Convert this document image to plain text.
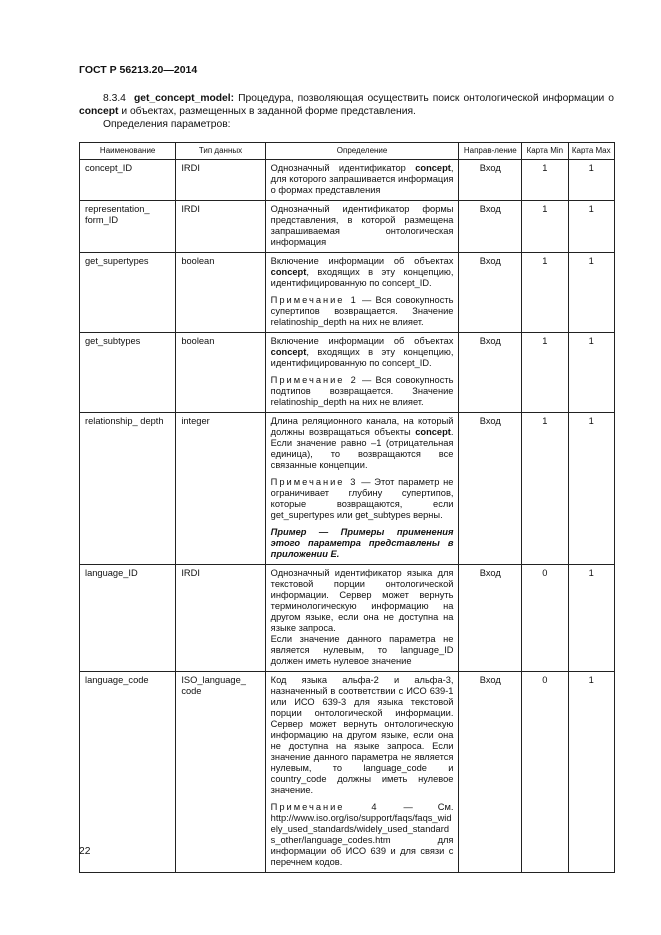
ГОСТ Р 56213.20—2014

8.3.4 get_concept_model: Процедура, позволяющая осуществить поиск онтологической информации о concept и объектах, размещенных в заданной форме представления.

Определения параметров:

Наименование	Тип данных	Определение	Направ-ление	Карта Min	Карта Max
concept_ID	IRDI	Однозначный идентификатор concept, для которого запрашивается информация о формах представления	Вход	1	1
representation_ form_ID	IRDI	Однозначный идентификатор формы представления, в которой размещена запрашиваемая онтологическая информация	Вход	1	1
get_supertypes	boolean	Включение информации об объектах concept, входящих в эту концепцию, идентифицированную по concept_ID.

Примечание 1 — Вся совокупность супертипов возвращается. Значение relatinoship_depth на них не влияет.	Вход	1	1
get_subtypes	boolean	Включение информации об объектах concept, входящих в эту концепцию, идентифицированную по concept_ID.

Примечание 2 — Вся совокупность подтипов возвращается. Значение relatinoship_depth на них не влияет.	Вход	1	1
relationship_ depth	integer	Длина реляционного канала, на который должны возвращаться объекты concept. Если значение равно –1 (отрицательная единица), то возвращаются все связанные концепции.

Примечание 3 — Этот параметр не ограничивает глубину супертипов, которые возвращаются, если get_supertypes или get_subtypes верны.

Пример — Примеры применения этого параметра представлены в приложении Е.	Вход	1	1
language_ID	IRDI	Однозначный идентификатор языка для текстовой порции онтологической информации. Сервер может вернуть терминологическую информацию на другом языке, если она не доступна на языке запроса.

Если значение данного параметра не является нулевым, то language_ID должен иметь нулевое значение	Вход	0	1
language_code	ISO_language_ code	Код языка альфа-2 и альфа-3, назначенный в соответствии с ИСО 639-1 или ИСО 639-3 для языка текстовой порции онтологической информации. Сервер может вернуть онтологическую информацию на другом языке, если она не доступна на языке запроса. Если значение данного параметра не является нулевым, то language_code и country_code должны иметь нулевое значение.

Примечание 4 — См. http://www.iso.org/iso/support/faqs/faqs_widely_used_standards/widely_used_standards_other/language_codes.htm для информации об ИСО 639 и для связи с перечнем кодов.	Вход	0	1
22
